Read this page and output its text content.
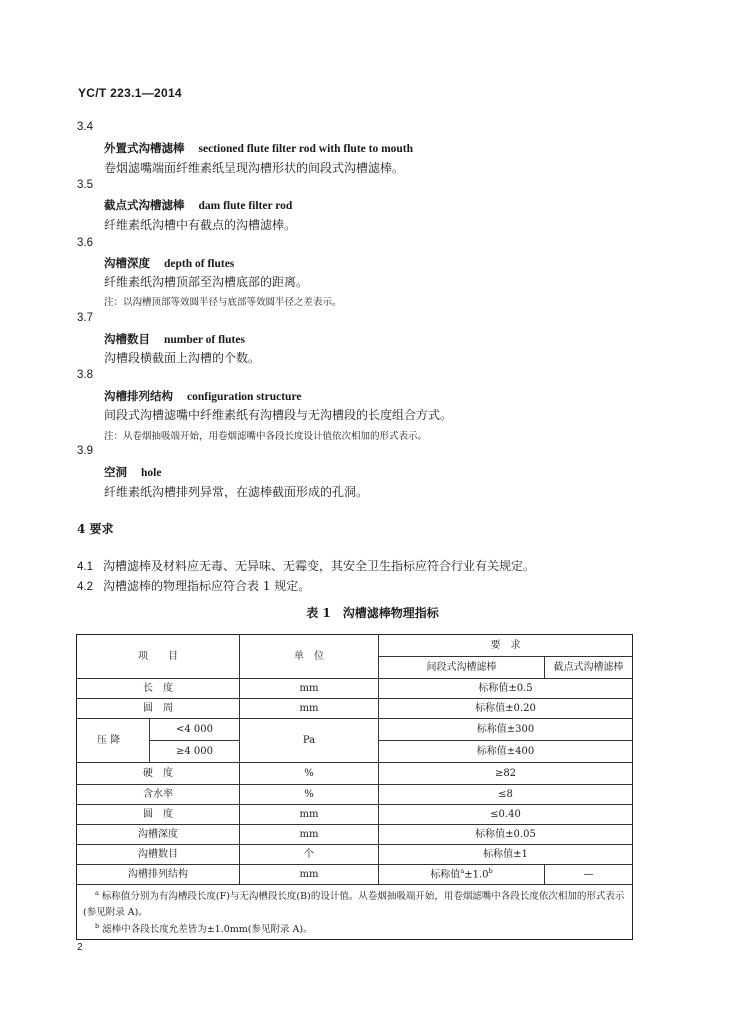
YC/T 223.1—2014
3.4
外置式沟槽滤棒 sectioned flute filter rod with flute to mouth
卷烟滤嘴端面纤维素纸呈现沟槽形状的间段式沟槽滤棒。
3.5
截点式沟槽滤棒 dam flute filter rod
纤维素纸沟槽中有截点的沟槽滤棒。
3.6
沟槽深度 depth of flutes
纤维素纸沟槽顶部至沟槽底部的距离。
注：以沟槽顶部等效圆半径与底部等效圆半径之差表示。
3.7
沟槽数目 number of flutes
沟槽段横截面上沟槽的个数。
3.8
沟槽排列结构 configuration structure
间段式沟槽滤嘴中纤维素纸有沟槽段与无沟槽段的长度组合方式。
注：从卷烟抽吸端开始，用卷烟滤嘴中各段长度设计值依次相加的形式表示。
3.9
空洞 hole
纤维素纸沟槽排列异常，在滤棒截面形成的孔洞。
4 要求
4.1 沟槽滤棒及材料应无毒、无异味、无霉变，其安全卫生指标应符合行业有关规定。
4.2 沟槽滤棒的物理指标应符合表 1 规定。
表 1　沟槽滤棒物理指标
项　　目		单　位	要　求	
			间段式沟槽滤棒	截点式沟槽滤棒
长　度		mm	标称值±0.5	
圆　周		mm	标称值±0.20	
压 降	<4 000	Pa	标称值±300	
	≥4 000		标称值±400	
硬　度		%	≥82	
含水率		%	≤8	
圆　度		mm	≤0.40	
沟槽深度		mm	标称值±0.05	
沟槽数目		个	标称值±1	
沟槽排列结构		mm	标称值$^a$±1.0$^b$	—

$^a$ 标称值分别为有沟槽段长度(F)与无沟槽段长度(B)的设计值。从卷烟抽吸端开始，用卷烟滤嘴中各段长度依次相加的形式表示(参见附录 A)。
$^b$ 滤棒中各段长度允差皆为±1.0mm(参见附录 A)。				
2
